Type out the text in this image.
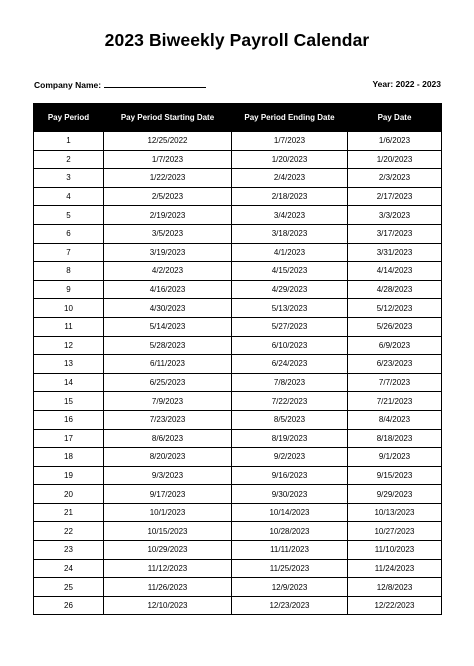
2023 Biweekly Payroll Calendar
Company Name:	Year: 2022 - 2023
Pay Period	Pay Period Starting Date	Pay Period Ending Date	Pay Date
1	12/25/2022	1/7/2023	1/6/2023
2	1/7/2023	1/20/2023	1/20/2023
3	1/22/2023	2/4/2023	2/3/2023
4	2/5/2023	2/18/2023	2/17/2023
5	2/19/2023	3/4/2023	3/3/2023
6	3/5/2023	3/18/2023	3/17/2023
7	3/19/2023	4/1/2023	3/31/2023
8	4/2/2023	4/15/2023	4/14/2023
9	4/16/2023	4/29/2023	4/28/2023
10	4/30/2023	5/13/2023	5/12/2023
11	5/14/2023	5/27/2023	5/26/2023
12	5/28/2023	6/10/2023	6/9/2023
13	6/11/2023	6/24/2023	6/23/2023
14	6/25/2023	7/8/2023	7/7/2023
15	7/9/2023	7/22/2023	7/21/2023
16	7/23/2023	8/5/2023	8/4/2023
17	8/6/2023	8/19/2023	8/18/2023
18	8/20/2023	9/2/2023	9/1/2023
19	9/3/2023	9/16/2023	9/15/2023
20	9/17/2023	9/30/2023	9/29/2023
21	10/1/2023	10/14/2023	10/13/2023
22	10/15/2023	10/28/2023	10/27/2023
23	10/29/2023	11/11/2023	11/10/2023
24	11/12/2023	11/25/2023	11/24/2023
25	11/26/2023	12/9/2023	12/8/2023
26	12/10/2023	12/23/2023	12/22/2023
